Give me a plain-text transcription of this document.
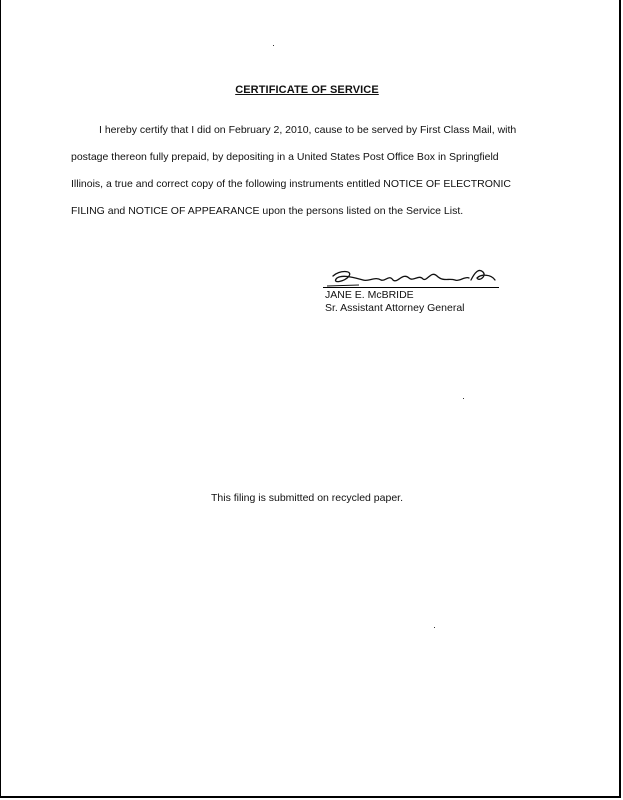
CERTIFICATE OF SERVICE
I hereby certify that I did on February 2, 2010, cause to be served by First Class Mail, with
postage thereon fully prepaid, by depositing in a United States Post Office Box in Springfield
Illinois, a true and correct copy of the following instruments entitled NOTICE OF ELECTRONIC
FILING and NOTICE OF APPEARANCE upon the persons listed on the Service List.
JANE E. McBRIDE
Sr. Assistant Attorney General
This filing is submitted on recycled paper.
